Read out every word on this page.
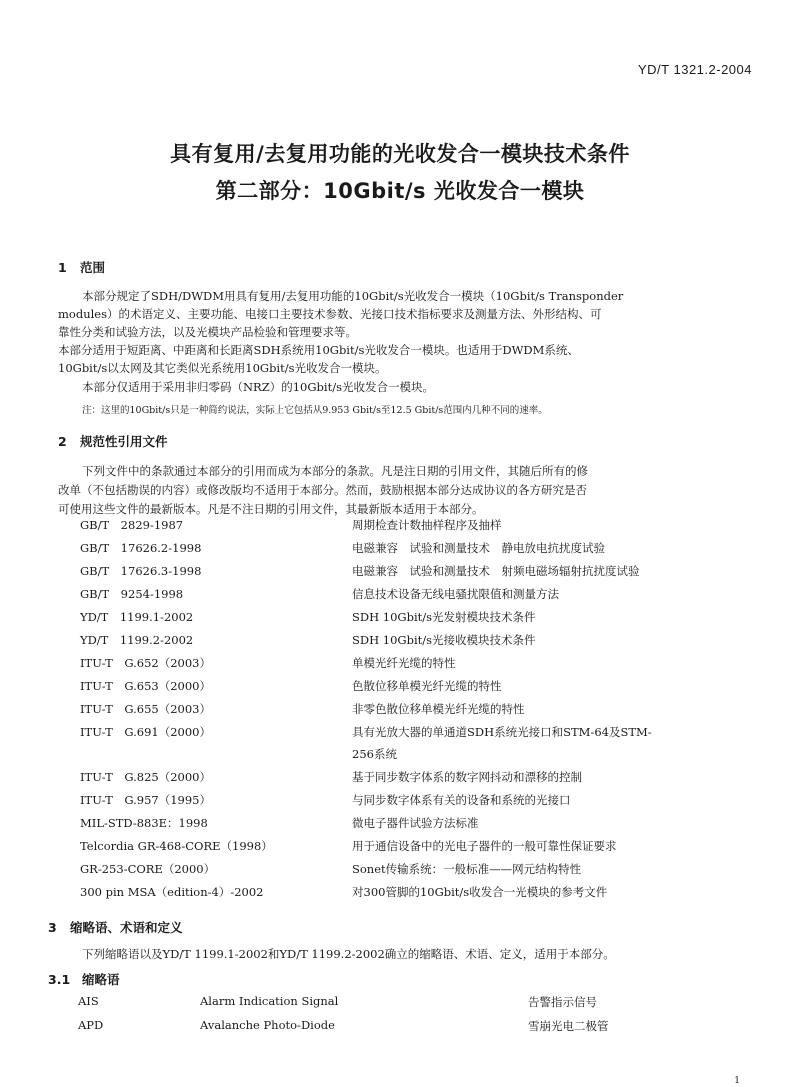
YD/T 1321.2-2004
具有复用/去复用功能的光收发合一模块技术条件
第二部分：10Gbit/s 光收发合一模块
1 范围
本部分规定了SDH/DWDM用具有复用/去复用功能的10Gbit/s光收发合一模块（10Gbit/s Transponder
modules）的术语定义、主要功能、电接口主要技术参数、光接口技术指标要求及测量方法、外形结构、可
靠性分类和试验方法，以及光模块产品检验和管理要求等。
本部分适用于短距离、中距离和长距离SDH系统用10Gbit/s光收发合一模块。也适用于DWDM系统、
10Gbit/s以太网及其它类似光系统用10Gbit/s光收发合一模块。
本部分仅适用于采用非归零码（NRZ）的10Gbit/s光收发合一模块。
注：这里的10Gbit/s只是一种简约说法，实际上它包括从9.953 Gbit/s至12.5 Gbit/s范围内几种不同的速率。
2 规范性引用文件
下列文件中的条款通过本部分的引用而成为本部分的条款。凡是注日期的引用文件，其随后所有的修
改单（不包括勘误的内容）或修改版均不适用于本部分。然而，鼓励根据本部分达成协议的各方研究是否
可使用这些文件的最新版本。凡是不注日期的引用文件，其最新版本适用于本部分。
GB/T　2829-1987	周期检查计数抽样程序及抽样
GB/T　17626.2-1998	电磁兼容　试验和测量技术　静电放电抗扰度试验
GB/T　17626.3-1998	电磁兼容　试验和测量技术　射频电磁场辐射抗扰度试验
GB/T　9254-1998	信息技术设备无线电骚扰限值和测量方法
YD/T　1199.1-2002	SDH 10Gbit/s光发射模块技术条件
YD/T　1199.2-2002	SDH 10Gbit/s光接收模块技术条件
ITU-T　G.652（2003）	单模光纤光缆的特性
ITU-T　G.653（2000）	色散位移单模光纤光缆的特性
ITU-T　G.655（2003）	非零色散位移单模光纤光缆的特性
ITU-T　G.691（2000）	具有光放大器的单通道SDH系统光接口和STM-64及STM-
256系统
ITU-T　G.825（2000）	基于同步数字体系的数字网抖动和漂移的控制
ITU-T　G.957（1995）	与同步数字体系有关的设备和系统的光接口
MIL-STD-883E：1998	微电子器件试验方法标准
Telcordia GR-468-CORE（1998）	用于通信设备中的光电子器件的一般可靠性保证要求
GR-253-CORE（2000）	Sonet传输系统：一般标准——网元结构特性
300 pin MSA（edition-4）-2002	对300管脚的10Gbit/s收发合一光模块的参考文件
3 缩略语、术语和定义
下列缩略语以及YD/T 1199.1-2002和YD/T 1199.2-2002确立的缩略语、术语、定义，适用于本部分。
3.1 缩略语
AIS	Alarm Indication Signal	告警指示信号
APD	Avalanche Photo-Diode	雪崩光电二极管
1
